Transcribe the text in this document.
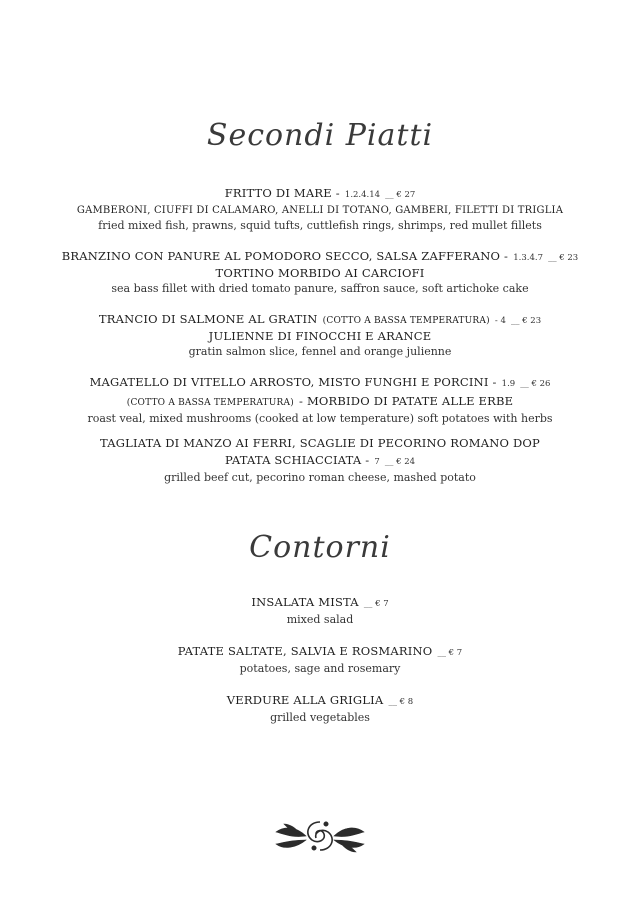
Secondi Piatti
FRITTO DI MARE - 1.2.4.14 __ € 27
GAMBERONI, CIUFFI DI CALAMARO, ANELLI DI TOTANO, GAMBERI, FILETTI DI TRIGLIA
fried mixed fish, prawns, squid tufts, cuttlefish rings, shrimps, red mullet fillets
BRANZINO CON PANURE AL POMODORO SECCO, SALSA ZAFFERANO - 1.3.4.7 __ € 23
TORTINO MORBIDO AI CARCIOFI
sea bass fillet with dried tomato panure, saffron sauce, soft artichoke cake
TRANCIO DI SALMONE AL GRATIN (COTTO A BASSA TEMPERATURA) - 4 __ € 23
JULIENNE DI FINOCCHI E ARANCE
gratin salmon slice, fennel and orange julienne
MAGATELLO DI VITELLO ARROSTO, MISTO FUNGHI E PORCINI - 1.9 __ € 26
(COTTO A BASSA TEMPERATURA) - MORBIDO DI PATATE ALLE ERBE
roast veal, mixed mushrooms (cooked at low temperature) soft potatoes with herbs
TAGLIATA DI MANZO AI FERRI, SCAGLIE DI PECORINO ROMANO DOP
PATATA SCHIACCIATA - 7 __ € 24
grilled beef cut, pecorino roman cheese, mashed potato
Contorni
INSALATA MISTA __ € 7
mixed salad
PATATE SALTATE, SALVIA E ROSMARINO __ € 7
potatoes, sage and rosemary
VERDURE ALLA GRIGLIA __ € 8
grilled vegetables
